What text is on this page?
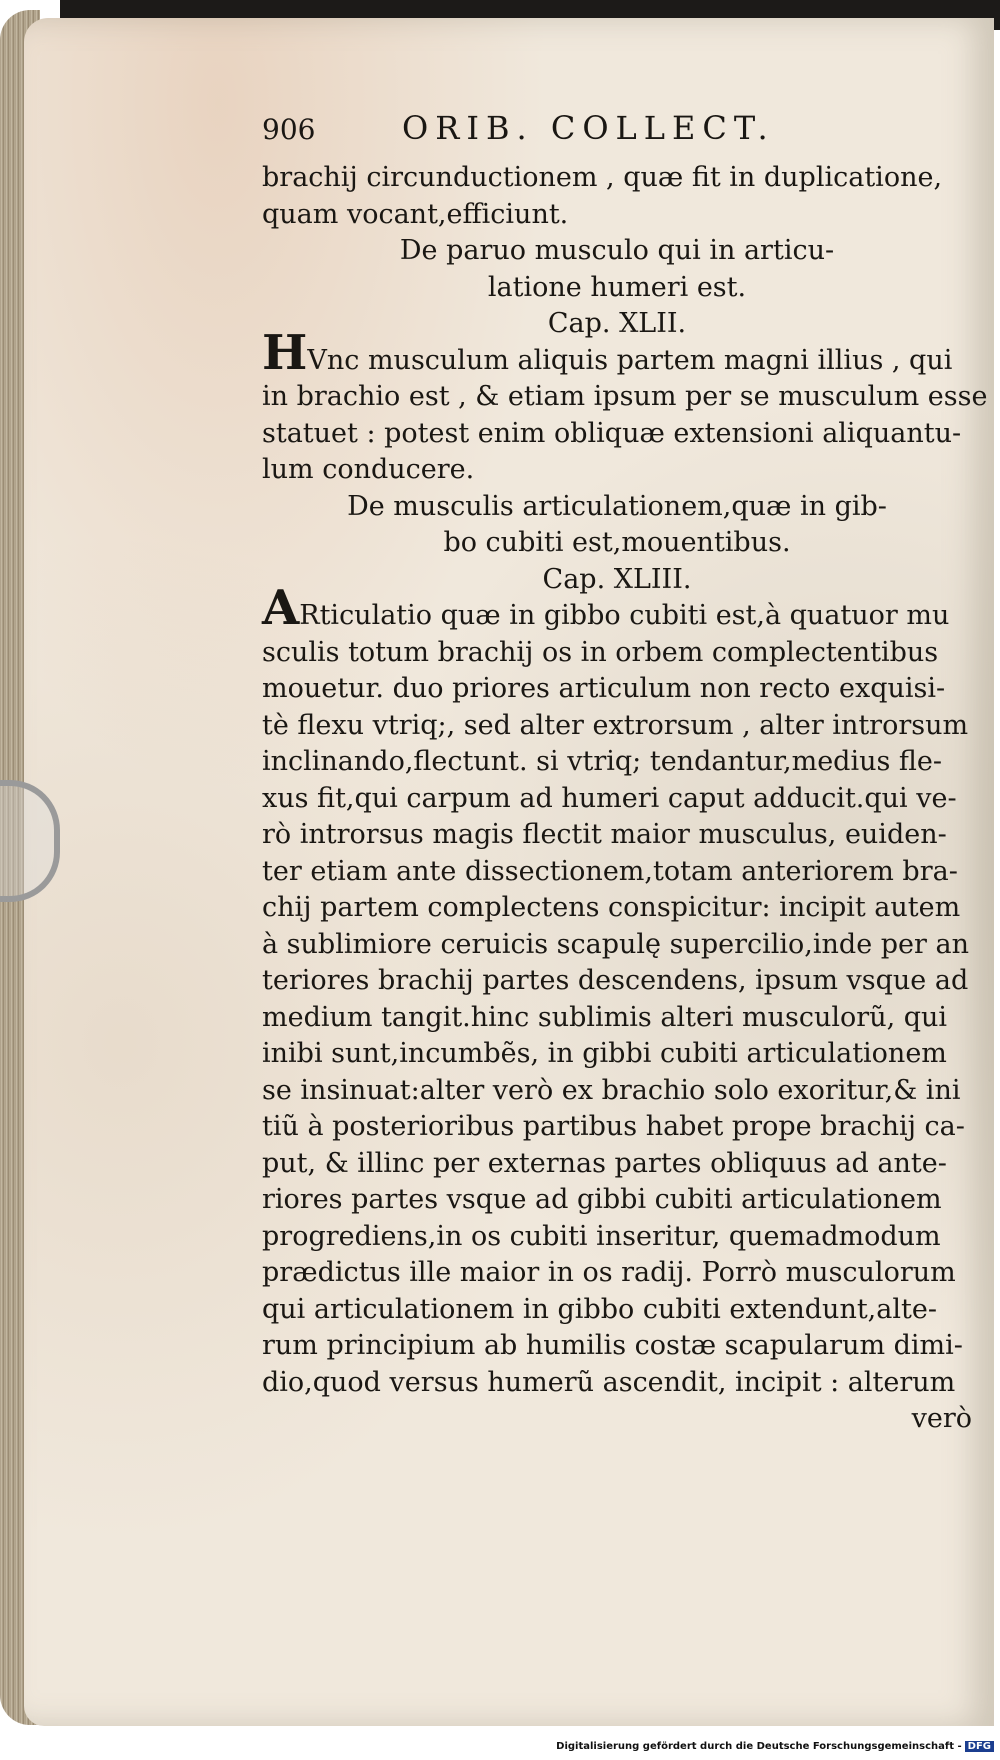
906	ORIB. COLLECT.
brachij circunductionem , quæ fit in duplicatione,
quam vocant,efficiunt.
De paruo musculo qui in articu-
latione humeri est.
Cap. XLII.
HVnc musculum aliquis partem magni illius , qui
in brachio est , & etiam ipsum per se musculum esse
statuet : potest enim obliquæ extensioni aliquantu-
lum conducere.
De musculis articulationem,quæ in gib-
bo cubiti est,mouentibus.
Cap. XLIII.
ARticulatio quæ in gibbo cubiti est,à quatuor mu
sculis totum brachij os in orbem complectentibus
mouetur. duo priores articulum non recto exquisi-
tè flexu vtriq;, sed alter extrorsum , alter introrsum
inclinando,flectunt. si vtriq; tendantur,medius fle-
xus fit,qui carpum ad humeri caput adducit.qui ve-
rò introrsus magis flectit maior musculus, euiden-
ter etiam ante dissectionem,totam anteriorem bra-
chij partem complectens conspicitur: incipit autem
à sublimiore ceruicis scapulę supercilio,inde per an
teriores brachij partes descendens, ipsum vsque ad
medium tangit.hinc sublimis alteri musculorũ, qui
inibi sunt,incumbẽs, in gibbi cubiti articulationem
se insinuat:alter verò ex brachio solo exoritur,& ini
tiũ à posterioribus partibus habet prope brachij ca-
put, & illinc per externas partes obliquus ad ante-
riores partes vsque ad gibbi cubiti articulationem
progrediens,in os cubiti inseritur, quemadmodum
prædictus ille maior in os radij. Porrò musculorum
qui articulationem in gibbo cubiti extendunt,alte-
rum principium ab humilis costæ scapularum dimi-
dio,quod versus humerũ ascendit, incipit : alterum
verò
Digitalisierung gefördert durch die Deutsche Forschungsgemeinschaft - DFG
